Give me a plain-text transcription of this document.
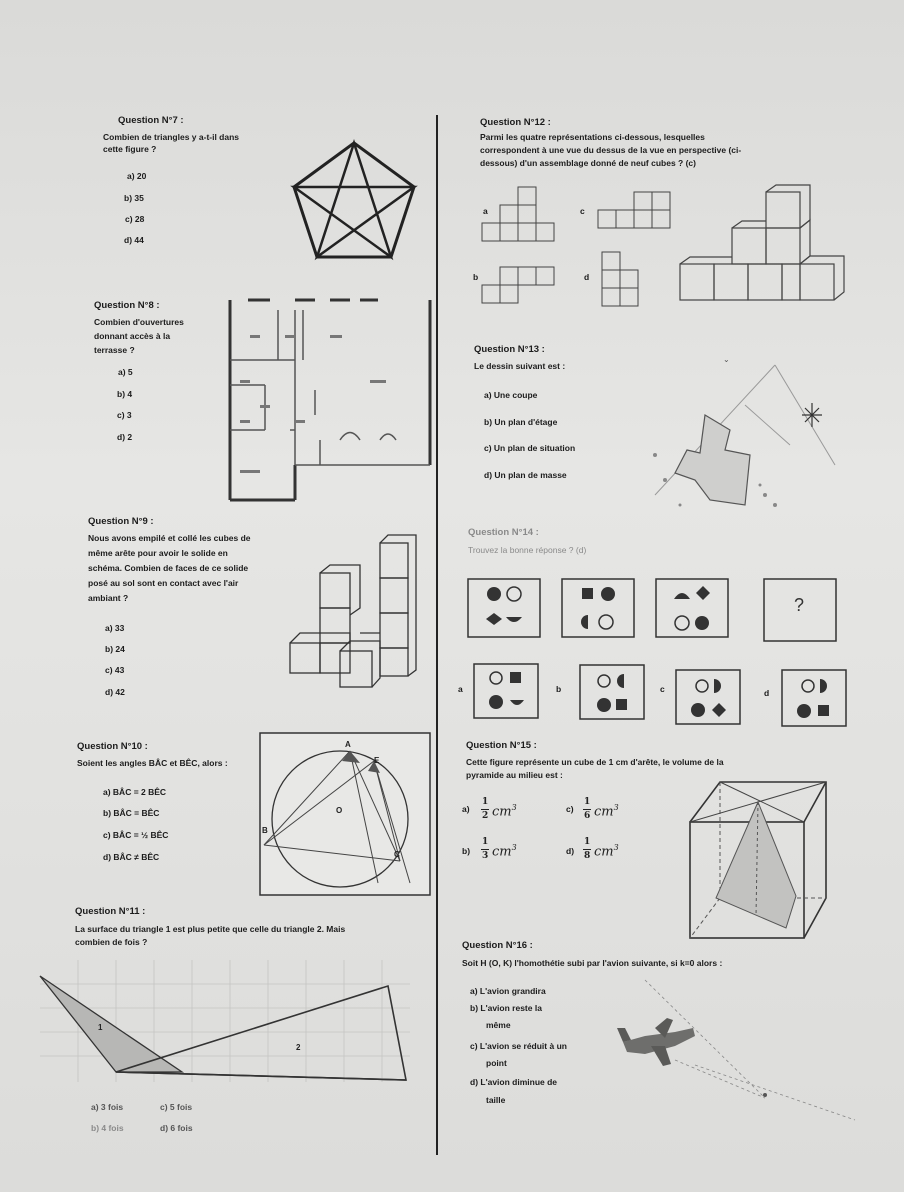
Question N°7 :
Combien de triangles y a-t-il dans
cette figure ?
a) 20
b) 35
c) 28
d) 44
Question N°8 :
Combien d'ouvertures
donnant accès à la
terrasse ?
a) 5
b) 4
c) 3
d) 2
Question N°9 :
Nous avons empilé et collé les cubes de
même arête pour avoir le solide en
schéma. Combien de faces de ce solide
posé au sol sont en contact avec l'air
ambiant ?
a) 33
b) 24
c) 43
d) 42
Question N°10 :
Soient les angles BÂC et BÊC, alors :
a) BÂC = 2 BÊC
b) BÂC = BÊC
c) BÂC = ½ BÊC
d) BÂC ≠ BÊC
A
E
B
C
O
Question N°11 :
La surface du triangle 1 est plus petite que celle du triangle 2. Mais
combien de fois ?
1
2
a) 3 fois	c) 5 fois
b) 4 fois	d) 6 fois
Question N°12 :
Parmi les quatre représentations ci-dessous, lesquelles
correspondent à une vue du dessus de la vue en perspective (ci-
dessous) d'un assemblage donné de neuf cubes ? (c)
a	c
b	d
Question N°13 :
Le dessin suivant est :
a) Une coupe
b) Un plan d'étage
c) Un plan de situation
d) Un plan de masse
⌄
Question N°14 :
Trouvez la bonne réponse ? (d)
?
a	b	c	d
Question N°15 :
Cette figure représente un cube de 1 cm d'arête, le volume de la
pyramide au milieu est :
a)
1
2 $cm^3$	c)
1
6 $cm^3$
b)
1
3 $cm^3$	d)
1
8 $cm^3$
Question N°16 :
Soit H (O, K) l'homothétie subi par l'avion suivante, si k=0 alors :
a) L'avion grandira
b) L'avion reste la
même
c) L'avion se réduit à un
point
d) L'avion diminue de
taille
